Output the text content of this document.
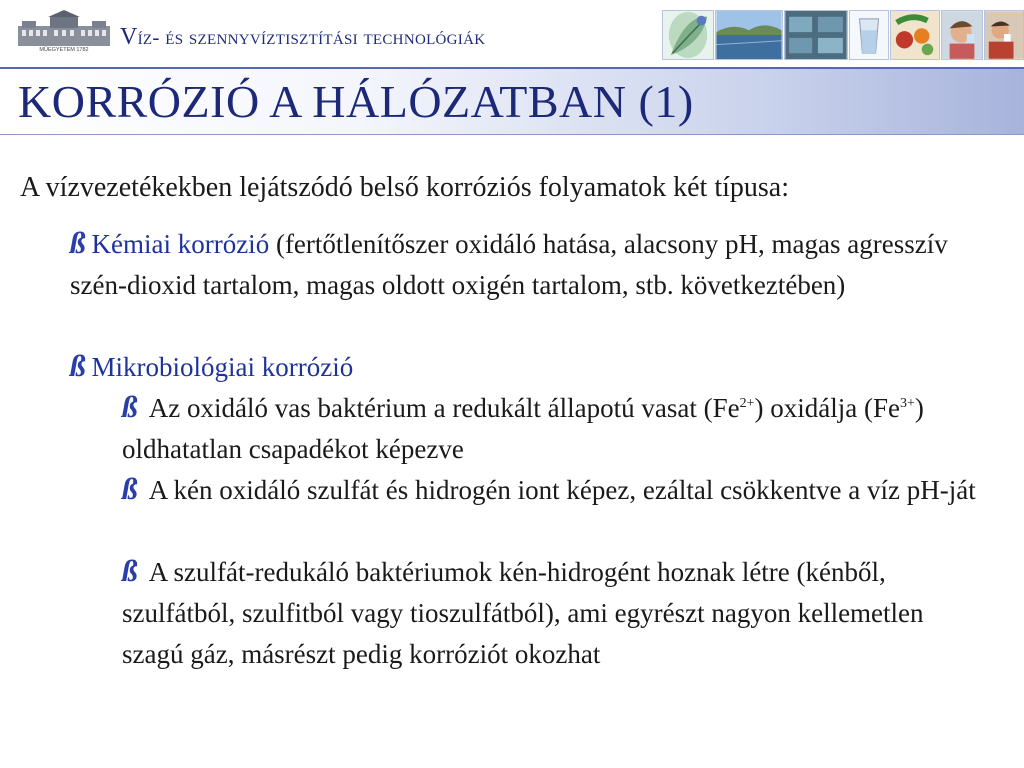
MŰEGYETEM 1782 Víz- és szennyvíztisztítási technológiák
KORRÓZIÓ A HÁLÓZATBAN (1)
A vízvezetékekben lejátszódó belső korróziós folyamatok két típusa:
ß Kémiai korrózió (fertőtlenítőszer oxidáló hatása, alacsony pH, magas agresszív szén-dioxid tartalom, magas oldott oxigén tartalom, stb. következtében)
ß Mikrobiológiai korrózió
ß Az oxidáló vas baktérium a redukált állapotú vasat $(Fe^{2+})$ oxidálja $(Fe^{3+})$ oldhatatlan csapadékot képezve
ß A kén oxidáló szulfát és hidrogén iont képez, ezáltal csökkentve a víz pH-ját
ß A szulfát-redukáló baktériumok kén-hidrogént hoznak létre (kénből, szulfátból, szulfitból vagy tioszulfátból), ami egyrészt nagyon kellemetlen szagú gáz, másrészt pedig korróziót okozhat
